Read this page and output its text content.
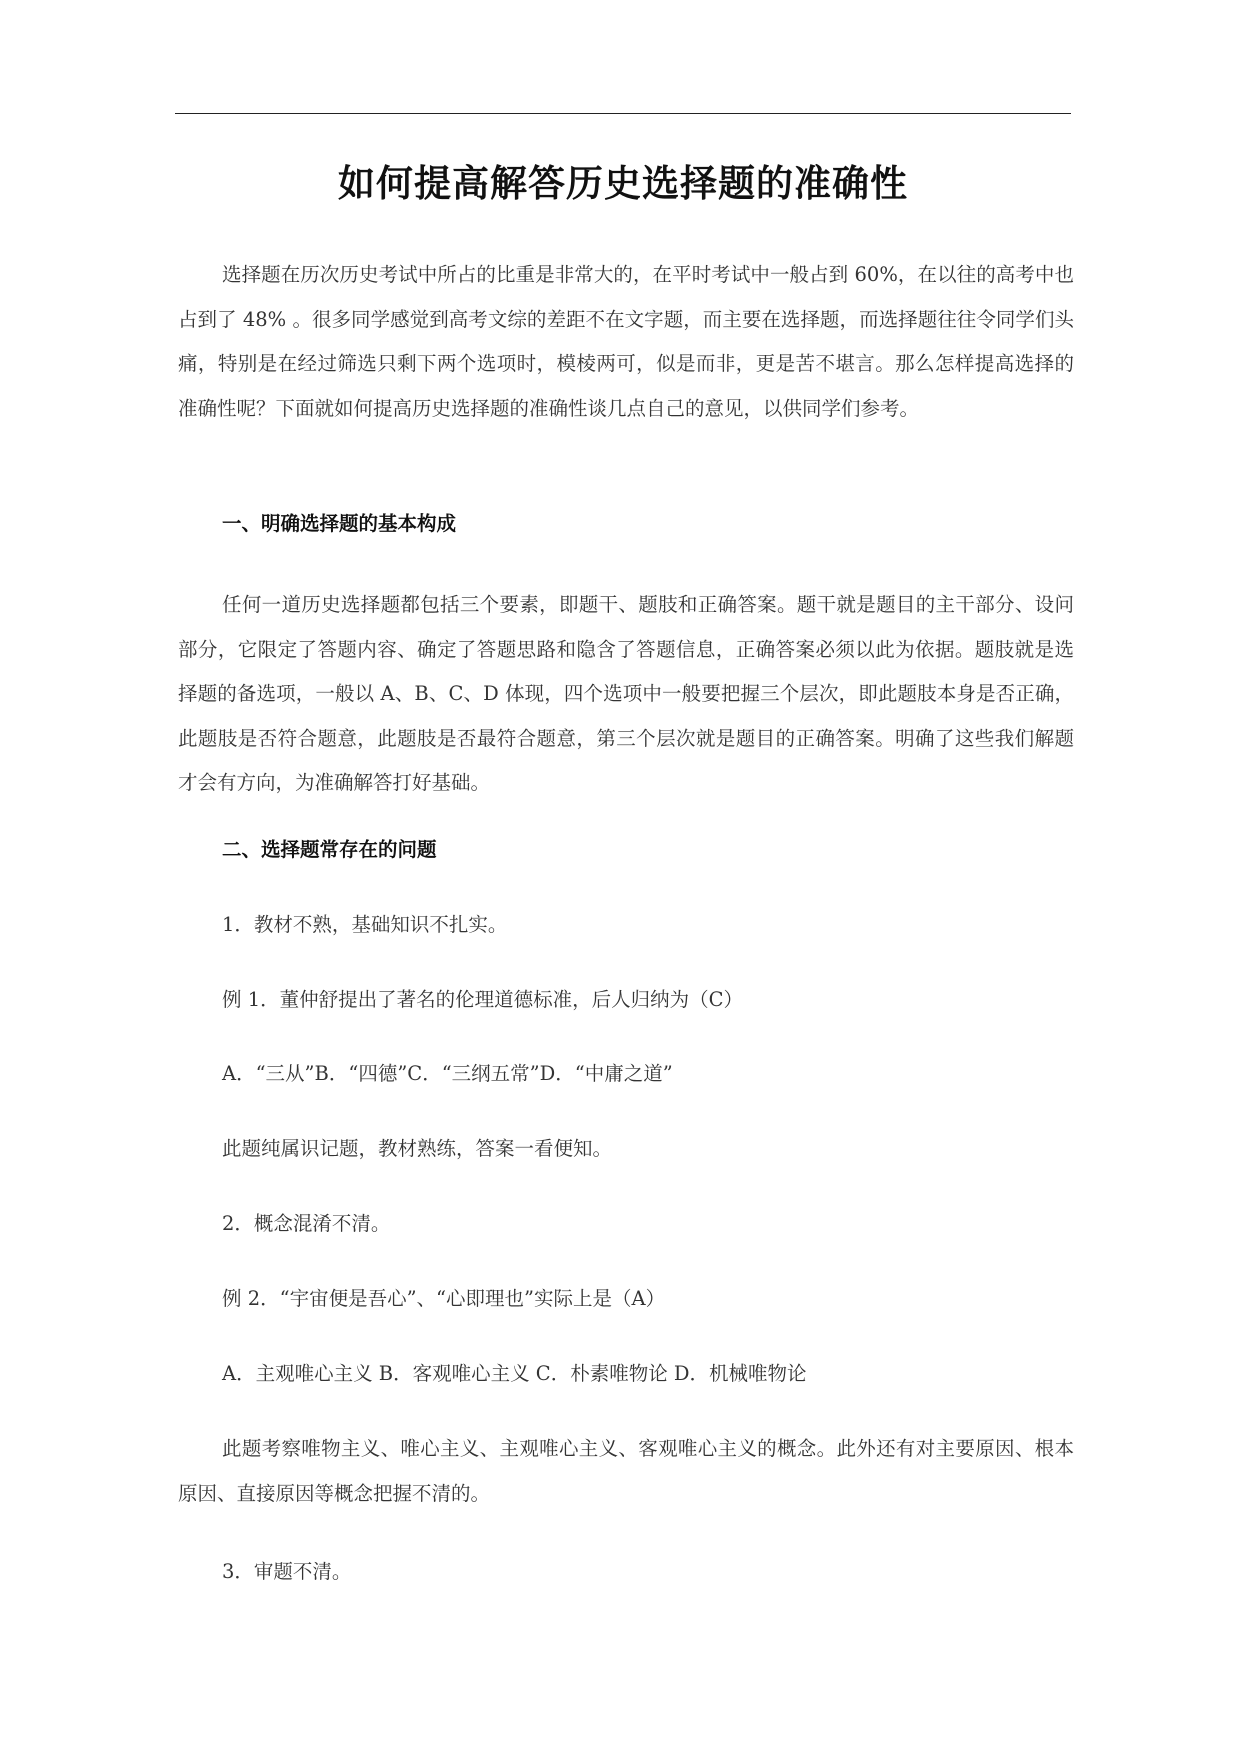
如何提高解答历史选择题的准确性

选择题在历次历史考试中所占的比重是非常大的，在平时考试中一般占到 60%，在以往的高考中也占到了 48% 。很多同学感觉到高考文综的差距不在文字题，而主要在选择题，而选择题往往令同学们头痛，特别是在经过筛选只剩下两个选项时，模棱两可，似是而非，更是苦不堪言。那么怎样提高选择的准确性呢？下面就如何提高历史选择题的准确性谈几点自己的意见，以供同学们参考。

一、明确选择题的基本构成

任何一道历史选择题都包括三个要素，即题干、题肢和正确答案。题干就是题目的主干部分、设问部分，它限定了答题内容、确定了答题思路和隐含了答题信息，正确答案必须以此为依据。题肢就是选择题的备选项，一般以 A、B、C、D 体现，四个选项中一般要把握三个层次，即此题肢本身是否正确，此题肢是否符合题意，此题肢是否最符合题意，第三个层次就是题目的正确答案。明确了这些我们解题才会有方向，为准确解答打好基础。

二、选择题常存在的问题

1．教材不熟，基础知识不扎实。

例 1．董仲舒提出了著名的伦理道德标准，后人归纳为（C）

A．“三从”B．“四德”C．“三纲五常”D．“中庸之道”

此题纯属识记题，教材熟练，答案一看便知。

2．概念混淆不清。

例 2．“宇宙便是吾心”、“心即理也”实际上是（A）

A．主观唯心主义 B．客观唯心主义 C．朴素唯物论 D．机械唯物论

此题考察唯物主义、唯心主义、主观唯心主义、客观唯心主义的概念。此外还有对主要原因、根本原因、直接原因等概念把握不清的。

3．审题不清。
